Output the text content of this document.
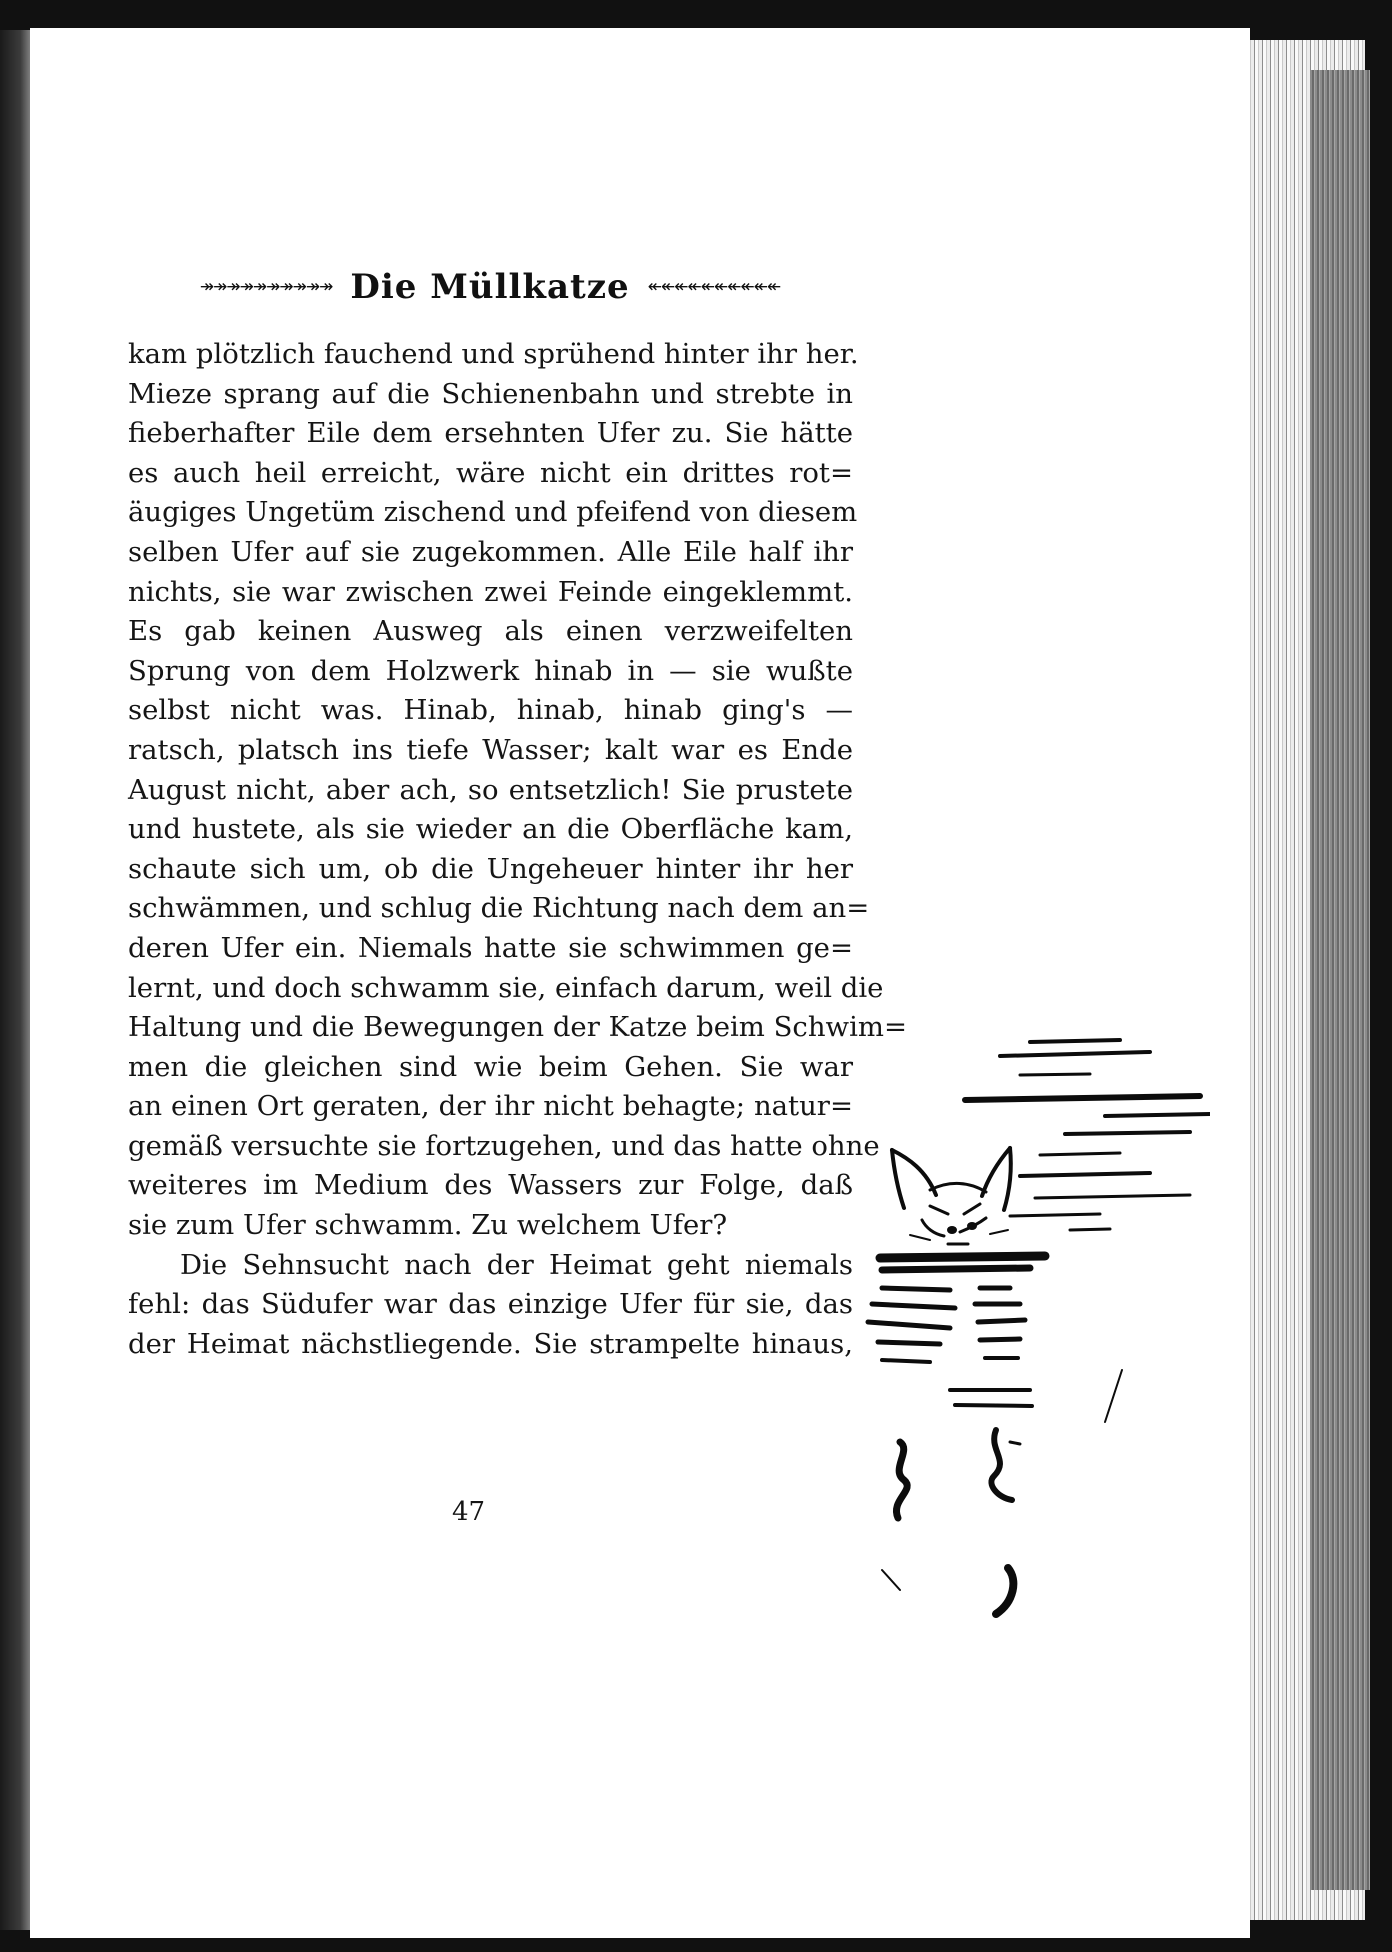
↠↠↠↠↠↠↠↠↠↠ Die Müllkatze ↞↞↞↞↞↞↞↞↞↞
kam plötzlich fauchend und sprühend hinter ihr her.
Mieze sprang auf die Schienenbahn und strebte in
fieberhafter Eile dem ersehnten Ufer zu. Sie hätte
es auch heil erreicht, wäre nicht ein drittes rot=
äugiges Ungetüm zischend und pfeifend von diesem
selben Ufer auf sie zugekommen. Alle Eile half ihr
nichts, sie war zwischen zwei Feinde eingeklemmt.
Es gab keinen Ausweg als einen verzweifelten
Sprung von dem Holzwerk hinab in — sie wußte
selbst nicht was. Hinab, hinab, hinab ging's —
ratsch, platsch ins tiefe Wasser; kalt war es Ende
August nicht, aber ach, so entsetzlich! Sie prustete
und hustete, als sie wieder an die Oberfläche kam,
schaute sich um, ob die Ungeheuer hinter ihr her
schwämmen, und schlug die Richtung nach dem an=
deren Ufer ein. Niemals hatte sie schwimmen ge=
lernt, und doch schwamm sie, einfach darum, weil die
Haltung und die Bewegungen der Katze beim Schwim=
men die gleichen sind wie beim Gehen. Sie war
an einen Ort geraten, der ihr nicht behagte; natur=
gemäß versuchte sie fortzugehen, und das hatte ohne
weiteres im Medium des Wassers zur Folge, daß
sie zum Ufer schwamm. Zu welchem Ufer?
Die Sehnsucht nach der Heimat geht niemals
fehl: das Südufer war das einzige Ufer für sie, das
der Heimat nächstliegende. Sie strampelte hinaus,
47
